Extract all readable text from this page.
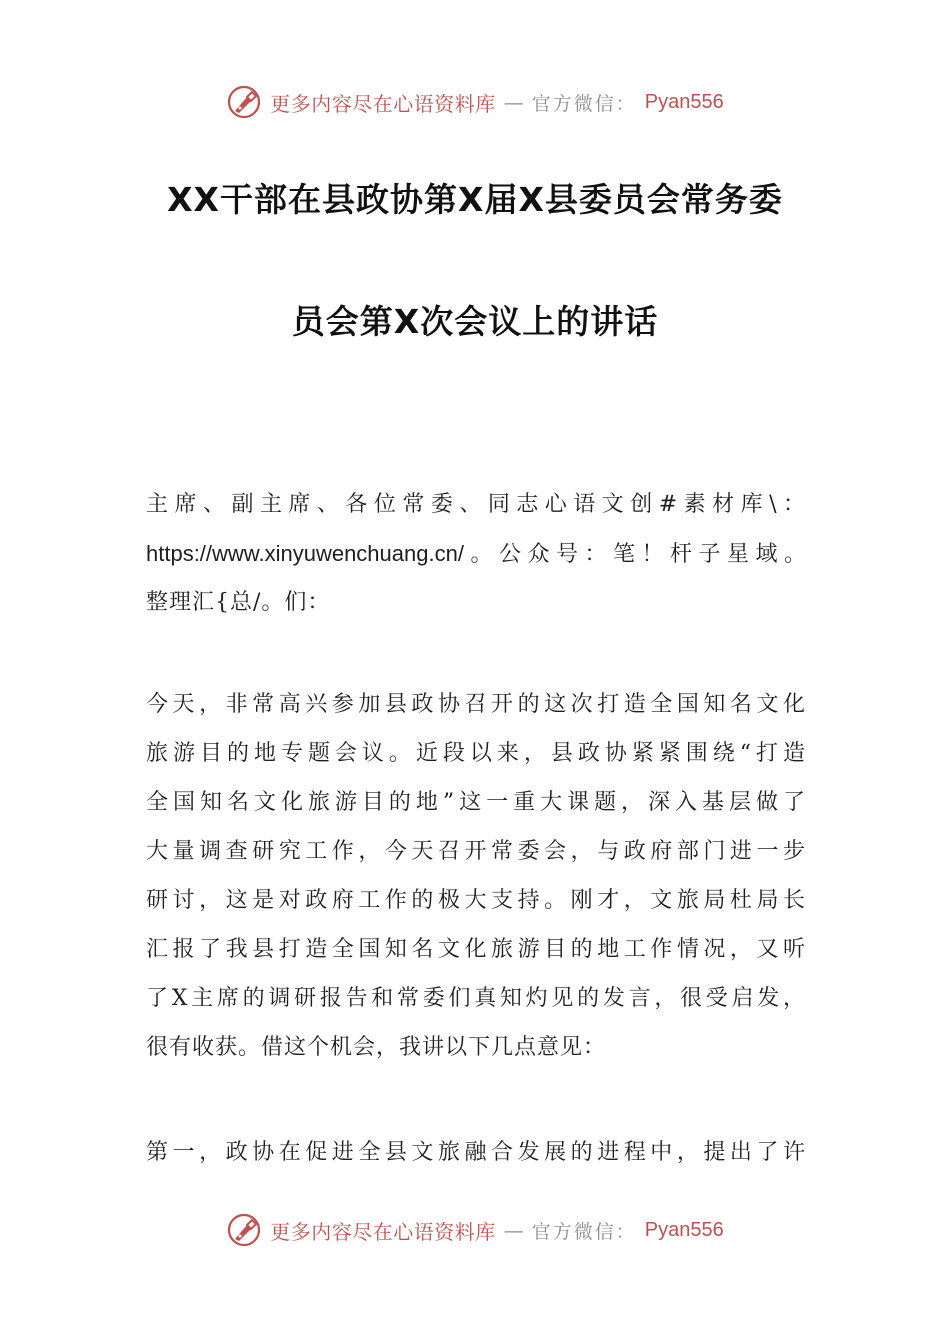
更多内容尽在心语资料库 — 官方微信： Pyan556
XX干部在县政协第X届X县委员会常务委
员会第X次会议上的讲话
主席、副主席、各位常委、同志心语文创#素材库\：
https://www.xinyuwenchuang.cn/。公众号：笔！杆子星域。
整理汇{总/。们：
今天，非常高兴参加县政协召开的这次打造全国知名文化
旅游目的地专题会议。近段以来，县政协紧紧围绕“打造
全国知名文化旅游目的地”这一重大课题，深入基层做了
大量调查研究工作，今天召开常委会，与政府部门进一步
研讨，这是对政府工作的极大支持。刚才，文旅局杜局长
汇报了我县打造全国知名文化旅游目的地工作情况，又听
了X主席的调研报告和常委们真知灼见的发言，很受启发，
很有收获。借这个机会，我讲以下几点意见：
第一，政协在促进全县文旅融合发展的进程中，提出了许
更多内容尽在心语资料库 — 官方微信： Pyan556
